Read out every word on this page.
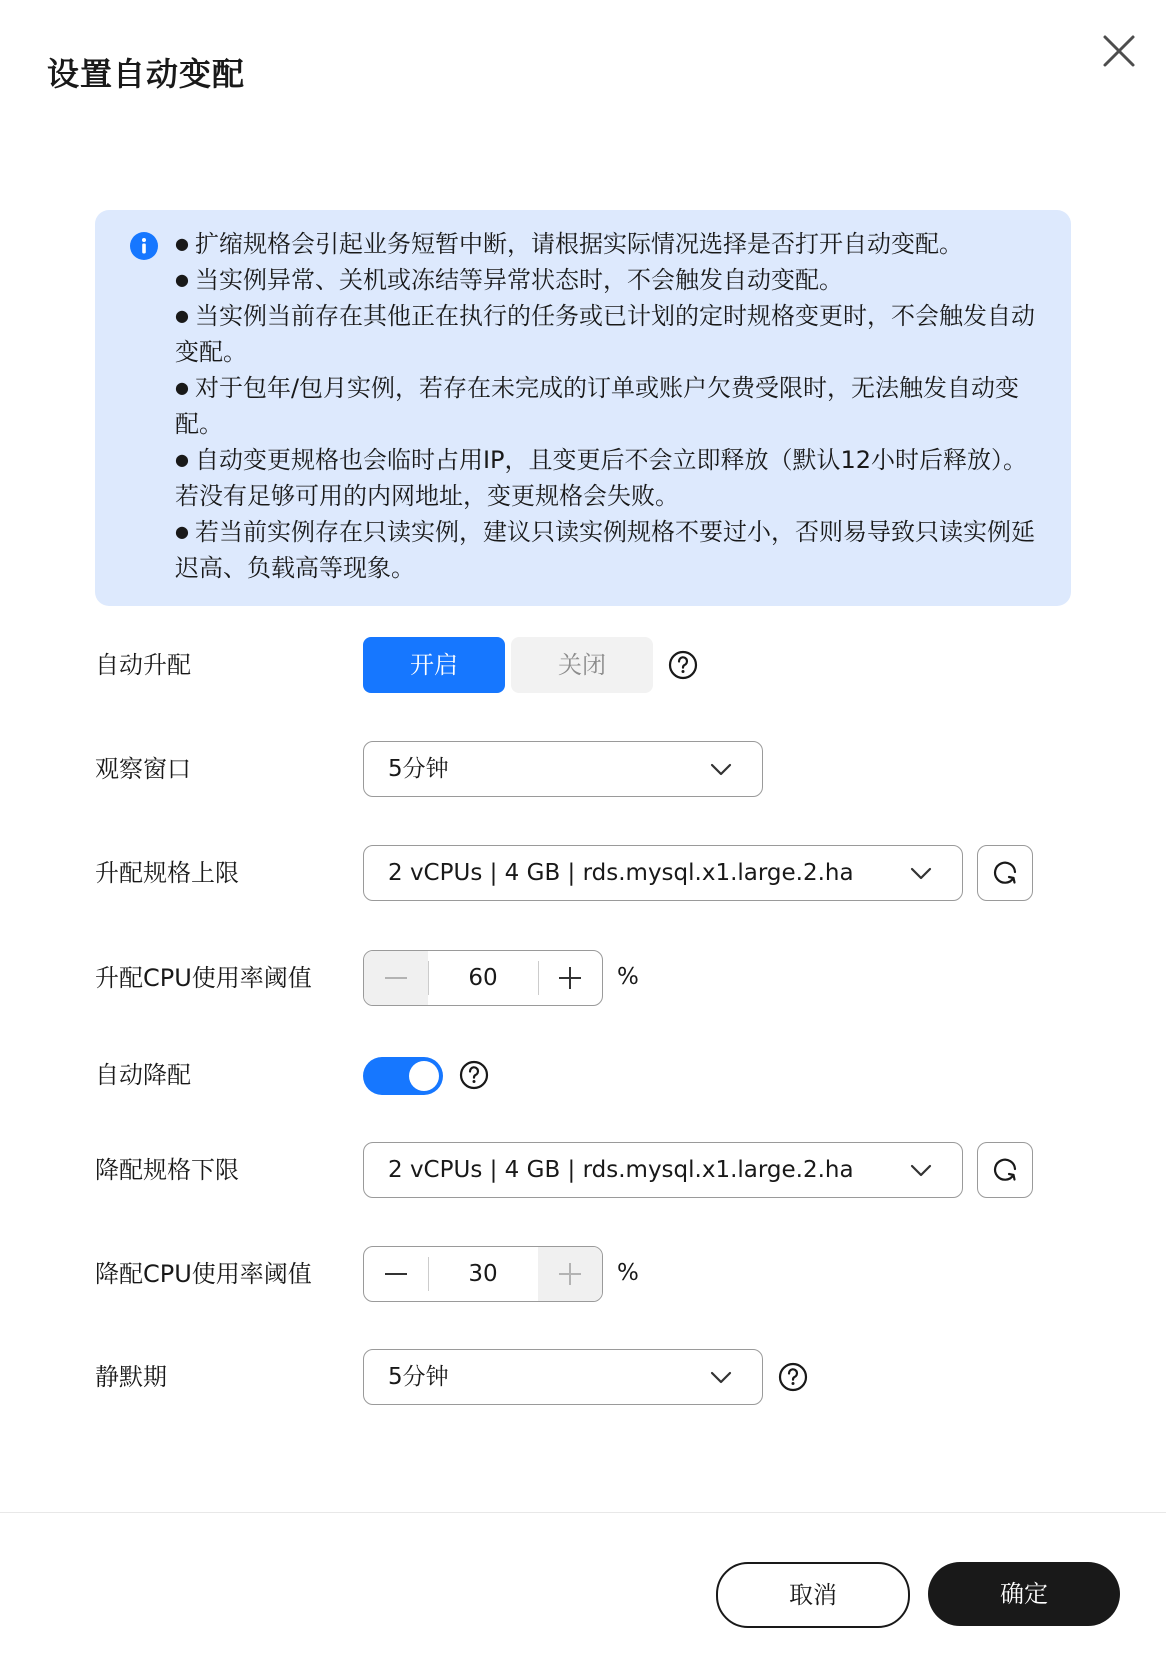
设置自动变配
● 扩缩规格会引起业务短暂中断，请根据实际情况选择是否打开自动变配。
● 当实例异常、关机或冻结等异常状态时，不会触发自动变配。
● 当实例当前存在其他正在执行的任务或已计划的定时规格变更时，不会触发自动变配。
● 对于包年/包月实例，若存在未完成的订单或账户欠费受限时，无法触发自动变配。
● 自动变更规格也会临时占用IP，且变更后不会立即释放（默认12小时后释放）。若没有足够可用的内网地址，变更规格会失败。
● 若当前实例存在只读实例，建议只读实例规格不要过小，否则易导致只读实例延迟高、负载高等现象。
自动升配	开启	关闭
观察窗口	5分钟
升配规格上限	2 vCPUs | 4 GB | rds.mysql.x1.large.2.ha
升配CPU使用率阈值	60	%
自动降配
降配规格下限	2 vCPUs | 4 GB | rds.mysql.x1.large.2.ha
降配CPU使用率阈值	30	%
静默期	5分钟
取消	确定
